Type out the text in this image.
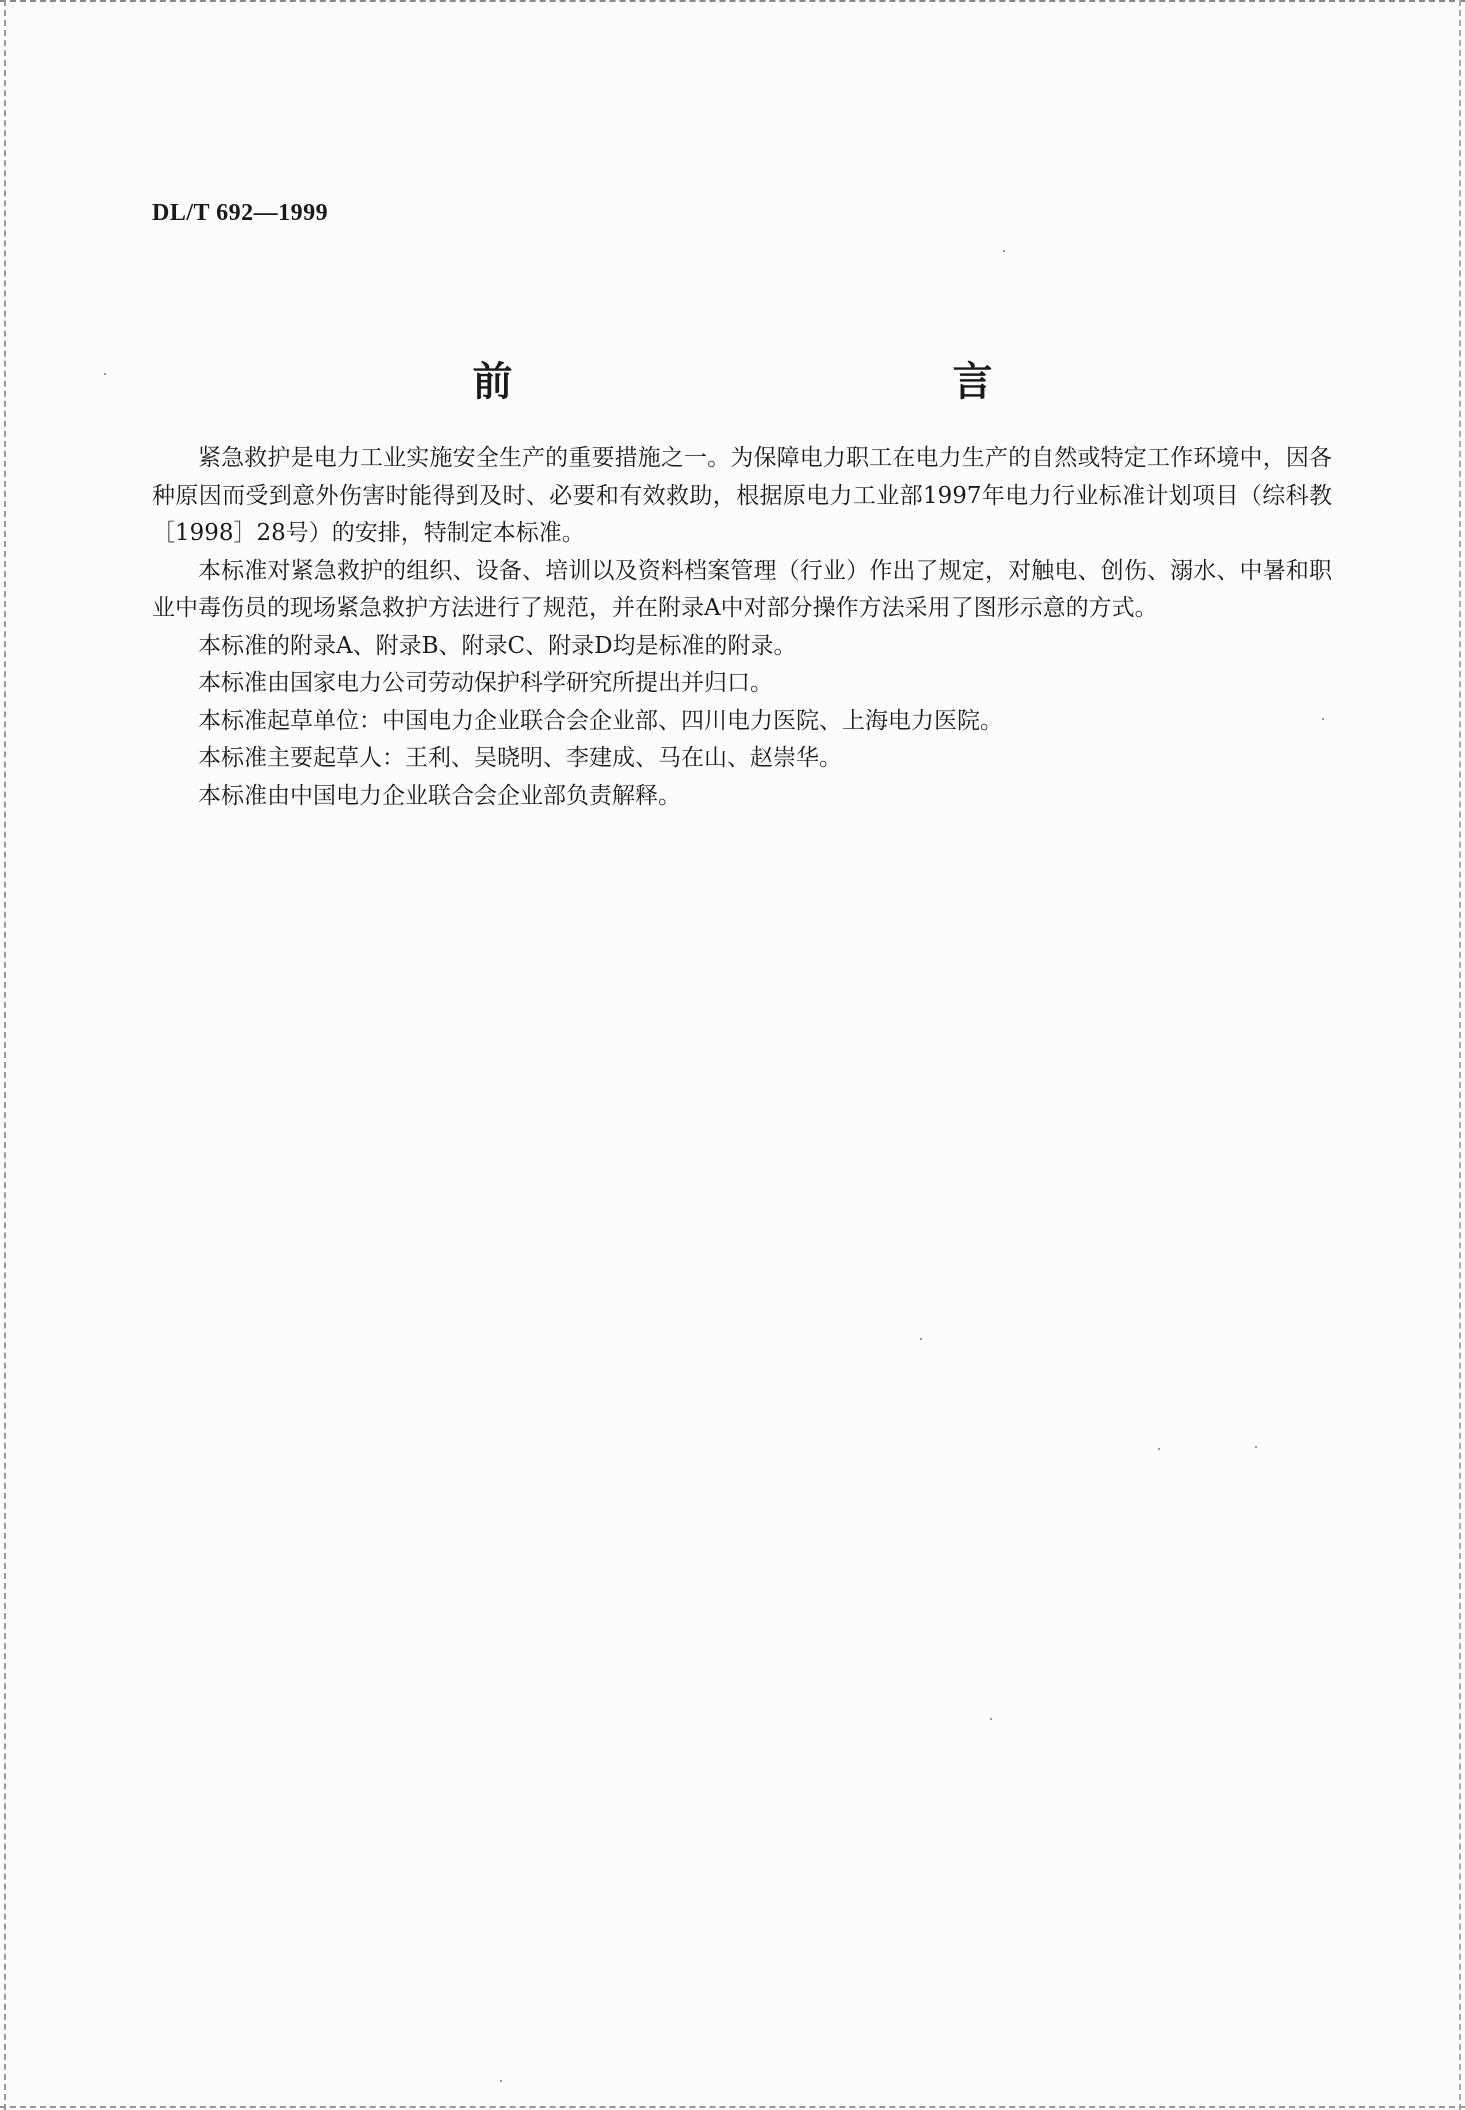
DL/T 692—1999
前　　言

紧急救护是电力工业实施安全生产的重要措施之一。为保障电力职工在电力生产的自然或特定工作环境中，因各种原因而受到意外伤害时能得到及时、必要和有效救助，根据原电力工业部1997年电力行业标准计划项目（综科教［1998］28号）的安排，特制定本标准。

本标准对紧急救护的组织、设备、培训以及资料档案管理（行业）作出了规定，对触电、创伤、溺水、中暑和职业中毒伤员的现场紧急救护方法进行了规范，并在附录A中对部分操作方法采用了图形示意的方式。

本标准的附录A、附录B、附录C、附录D均是标准的附录。

本标准由国家电力公司劳动保护科学研究所提出并归口。

本标准起草单位：中国电力企业联合会企业部、四川电力医院、上海电力医院。

本标准主要起草人：王利、吴晓明、李建成、马在山、赵崇华。

本标准由中国电力企业联合会企业部负责解释。
